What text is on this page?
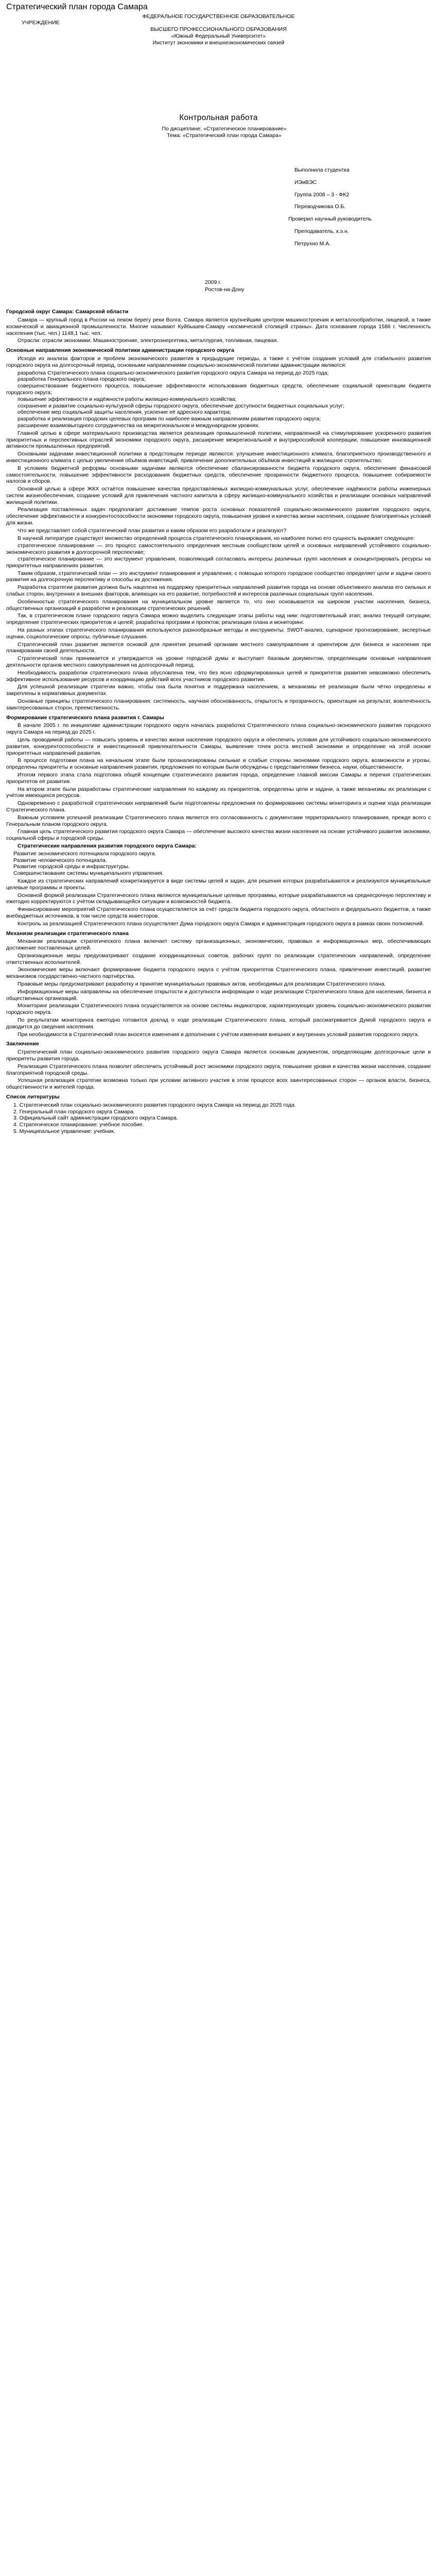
Стратегический план города Самара
ФЕДЕРАЛЬНОЕ ГОСУДАРСТВЕННОЕ ОБРАЗОВАТЕЛЬНОЕ
УЧРЕЖДЕНИЕ
ВЫСШЕГО ПРОФЕССИОНАЛЬНОГО ОБРАЗОВАНИЯ
«Южный Федеральный Университет»
Институт экономики и внешнеэкономических связей
Контрольная работа

По дисциплине: «Стратегическое планирование»

Тема: «Стратегический план города Самара»

Выполнила студентка
ИЭиВЭС
Группа 2008 – 3 - ФК2
Переводчикова О.Б.
Проверил научный руководитель
Преподаватель, к.э.н.
Петрухно М.А.
2009 г.
Ростов-на-Дону
Городской округ Самара: Самарской области

Самара — крупный город в России на левом берегу реки Волга. Самара является крупнейшим центром машиностроения и металлообработки, пищевой, а также космической и авиационной промышленности. Многие называют Куйбышев-Самару «космической столицей страны». Дата основания города 1586 г. Численность населения (тыс. чел.) 1148,1 тыс. чел.

Отрасли: отрасли экономики: Машиностроение, электроэнергетика, металлургия, топливная, пищевая.

Основные направления экономической политики администрации городского округа

Исходя из анализа факторов и проблем экономического развития в предыдущие периоды, а также с учётом создания условий для стабильного развития городского округа на долгосрочный период, основными направлениями социально-экономической политики администрации являются:

разработка Стратегического плана социально-экономического развития городского округа Самара на период до 2025 года;
разработка Генерального плана городского округа;
совершенствование бюджетного процесса, повышение эффективности использования бюджетных средств, обеспечение социальной ориентации бюджета городского округа;
повышение эффективности и надёжности работы жилищно-коммунального хозяйства;
сохранение и развитие социально-культурной сферы городского округа, обеспечение доступности бюджетных социальных услуг;
обеспечение мер социальной защиты населения, усиление её адресного характера;
разработка и реализация городских целевых программ по наиболее важным направлениям развития городского округа;
расширение взаимовыгодного сотрудничества на межрегиональном и международном уровнях.

Главной целью в сфере материального производства является реализация промышленной политики, направленной на стимулирование ускоренного развития приоритетных и перспективных отраслей экономики городского округа, расширение межрегиональной и внутрироссийской кооперации, повышение инновационной активности промышленных предприятий.

Основными задачами инвестиционной политики в предстоящем периоде являются: улучшение инвестиционного климата, благоприятного производственного и инвестиционного климата с целью увеличения объёмов инвестиций, привлечение дополнительных объёмов инвестиций в жилищное строительство.

В условиях бюджетной реформы основными задачами являются обеспечение сбалансированности бюджета городского округа, обеспечение финансовой самостоятельности, повышение эффективности расходования бюджетных средств, обеспечение прозрачности бюджетного процесса, повышение собираемости налогов и сборов.

Основной целью в сфере ЖКХ остаётся повышение качества предоставляемых жилищно-коммунальных услуг, обеспечение надёжности работы инженерных систем жизнеобеспечения, создание условий для привлечения частного капитала в сферу жилищно-коммунального хозяйства и реализации основных направлений жилищной политики.

Реализация поставленных задач предполагает достижение темпов роста основных показателей социально-экономического развития городского округа, обеспечение эффективности и конкурентоспособности экономики городского округа, повышения уровня и качества жизни населения, создание благоприятных условий для жизни.

Что же представляет собой стратегический план развития и каким образом его разработали и реализуют?

В научной литературе существует множество определений процесса стратегического планирования, но наиболее полно его сущность выражает следующее:

стратегическое планирование — это процесс самостоятельного определения местным сообществом целей и основных направлений устойчивого социально-экономического развития в долгосрочной перспективе;
стратегическое планирование — это инструмент управления, позволяющий согласовать интересы различных групп населения и сконцентрировать ресурсы на приоритетных направлениях развития.

Таким образом, стратегический план — это инструмент планирования и управления, с помощью которого городское сообщество определяет цели и задачи своего развития на долгосрочную перспективу и способы их достижения.

Разработка стратегии развития должна быть нацелена на поддержку приоритетных направлений развития города на основе объективного анализа его сильных и слабых сторон, внутренних и внешних факторов, влияющих на его развитие, потребностей и интересов различных социальных групп населения.

Особенностью стратегического планирования на муниципальном уровне является то, что оно основывается на широком участии населения, бизнеса, общественных организаций в разработке и реализации стратегических решений.

Так, в стратегическом плане городского округа Самара можно выделить следующие этапы работы над ним: подготовительный этап; анализ текущей ситуации; определение стратегических приоритетов и целей; разработка программ и проектов; реализация плана и мониторинг.

На разных этапах стратегического планирования используются разнообразные методы и инструменты: SWOT-анализ, сценарное прогнозирование, экспертные оценки, социологические опросы, публичные слушания.

Стратегический план развития является основой для принятия решений органами местного самоуправления и ориентиром для бизнеса и населения при планировании своей деятельности.

Стратегический план принимается и утверждается на уровне городской думы и выступает базовым документом, определяющим основные направления деятельности органов местного самоуправления на долгосрочный период.

Необходимость разработки стратегического плана обусловлена тем, что без ясно сформулированных целей и приоритетов развития невозможно обеспечить эффективное использование ресурсов и координацию действий всех участников городского развития.

Для успешной реализации стратегии важно, чтобы она была понятна и поддержана населением, а механизмы её реализации были чётко определены и закреплены в нормативных документах.

Основные принципы стратегического планирования: системность, научная обоснованность, открытость и прозрачность, ориентация на результат, вовлечённость заинтересованных сторон, преемственность.

Формирование стратегического плана развития г. Самары

В начале 2005 г. по инициативе администрации городского округа началась разработка Стратегического плана социально-экономического развития городского округа Самара на период до 2025 г.

Цель проводимой работы — повысить уровень и качество жизни населения городского округа и обеспечить условия для устойчивого социально-экономического развития, конкурентоспособности и инвестиционной привлекательности Самары, выявление точек роста местной экономики и определение на этой основе приоритетных направлений развития.

В процессе подготовки плана на начальном этапе были проанализированы сильные и слабые стороны экономики городского округа, возможности и угрозы, определены приоритеты и основные направления развития, предложения по которым были обсуждены с представителями бизнеса, науки, общественности.

Итогом первого этапа стала подготовка общей концепции стратегического развития города, определение главной миссии Самары и перечня стратегических приоритетов её развития.

На втором этапе были разработаны стратегические направления по каждому из приоритетов, определены цели и задачи, а также механизмы их реализации с учётом имеющихся ресурсов.

Одновременно с разработкой стратегических направлений были подготовлены предложения по формированию системы мониторинга и оценки хода реализации Стратегического плана.

Важным условием успешной реализации Стратегического плана является его согласованность с документами территориального планирования, прежде всего с Генеральным планом городского округа.

Главная цель стратегического развития городского округа Самара — обеспечение высокого качества жизни населения на основе устойчивого развития экономики, социальной сферы и городской среды.

Стратегические направления развития городского округа Самара:

Развитие экономического потенциала городского округа.
Развитие человеческого потенциала.
Развитие городской среды и инфраструктуры.
Совершенствование системы муниципального управления.

Каждое из стратегических направлений конкретизируется в виде системы целей и задач, для решения которых разрабатываются и реализуются муниципальные целевые программы и проекты.

Основной формой реализации Стратегического плана являются муниципальные целевые программы, которые разрабатываются на среднесрочную перспективу и ежегодно корректируются с учётом складывающейся ситуации и возможностей бюджета.

Финансирование мероприятий Стратегического плана осуществляется за счёт средств бюджета городского округа, областного и федерального бюджетов, а также внебюджетных источников, в том числе средств инвесторов.

Контроль за реализацией Стратегического плана осуществляет Дума городского округа Самара и администрация городского округа в рамках своих полномочий.

Механизм реализации стратегического плана

Механизм реализации стратегического плана включает систему организационных, экономических, правовых и информационных мер, обеспечивающих достижение поставленных целей.

Организационные меры предусматривают создание координационных советов, рабочих групп по реализации стратегических направлений, определение ответственных исполнителей.

Экономические меры включают формирование бюджета городского округа с учётом приоритетов Стратегического плана, привлечение инвестиций, развитие механизмов государственно-частного партнёрства.

Правовые меры предусматривают разработку и принятие муниципальных правовых актов, необходимых для реализации Стратегического плана.

Информационные меры направлены на обеспечение открытости и доступности информации о ходе реализации Стратегического плана для населения, бизнеса и общественных организаций.

Мониторинг реализации Стратегического плана осуществляется на основе системы индикаторов, характеризующих уровень социально-экономического развития городского округа.

По результатам мониторинга ежегодно готовится доклад о ходе реализации Стратегического плана, который рассматривается Думой городского округа и доводится до сведения населения.

При необходимости в Стратегический план вносятся изменения и дополнения с учётом изменения внешних и внутренних условий развития городского округа.

Заключение

Стратегический план социально-экономического развития городского округа Самара является основным документом, определяющим долгосрочные цели и приоритеты развития города.

Реализация Стратегического плана позволит обеспечить устойчивый рост экономики городского округа, повышение уровня и качества жизни населения, создание благоприятной городской среды.

Успешная реализация стратегии возможна только при условии активного участия в этом процессе всех заинтересованных сторон — органов власти, бизнеса, общественности и жителей города.

Список литературы
1. Стратегический план социально-экономического развития городского округа Самара на период до 2025 года.
2. Генеральный план городского округа Самара.
3. Официальный сайт администрации городского округа Самара.
4. Стратегическое планирование: учебное пособие.
5. Муниципальное управление: учебник.
